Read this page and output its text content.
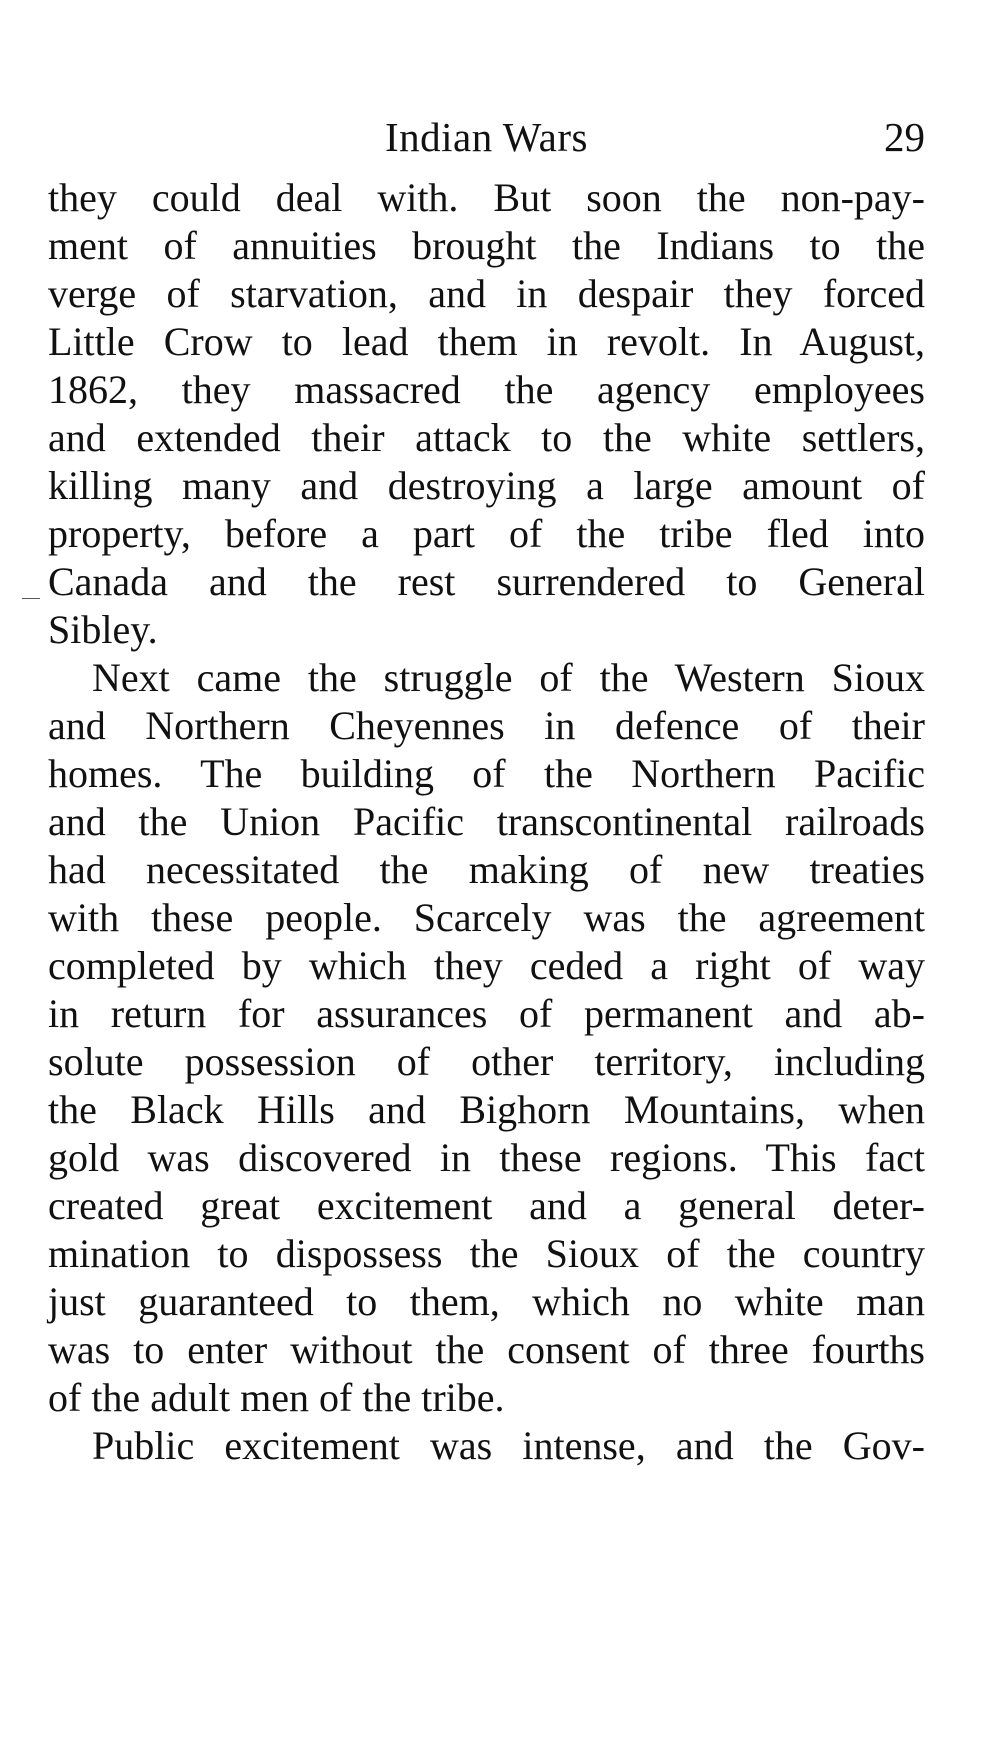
Indian Wars	29
they could deal with. But soon the non-pay-
ment of annuities brought the Indians to the
verge of starvation, and in despair they forced
Little Crow to lead them in revolt. In August,
1862, they massacred the agency employees
and extended their attack to the white settlers,
killing many and destroying a large amount of
property, before a part of the tribe fled into
Canada and the rest surrendered to General
Sibley.
Next came the struggle of the Western Sioux
and Northern Cheyennes in defence of their
homes. The building of the Northern Pacific
and the Union Pacific transcontinental railroads
had necessitated the making of new treaties
with these people. Scarcely was the agreement
completed by which they ceded a right of way
in return for assurances of permanent and ab-
solute possession of other territory, including
the Black Hills and Bighorn Mountains, when
gold was discovered in these regions. This fact
created great excitement and a general deter-
mination to dispossess the Sioux of the country
just guaranteed to them, which no white man
was to enter without the consent of three fourths
of the adult men of the tribe.
Public excitement was intense, and the Gov-
